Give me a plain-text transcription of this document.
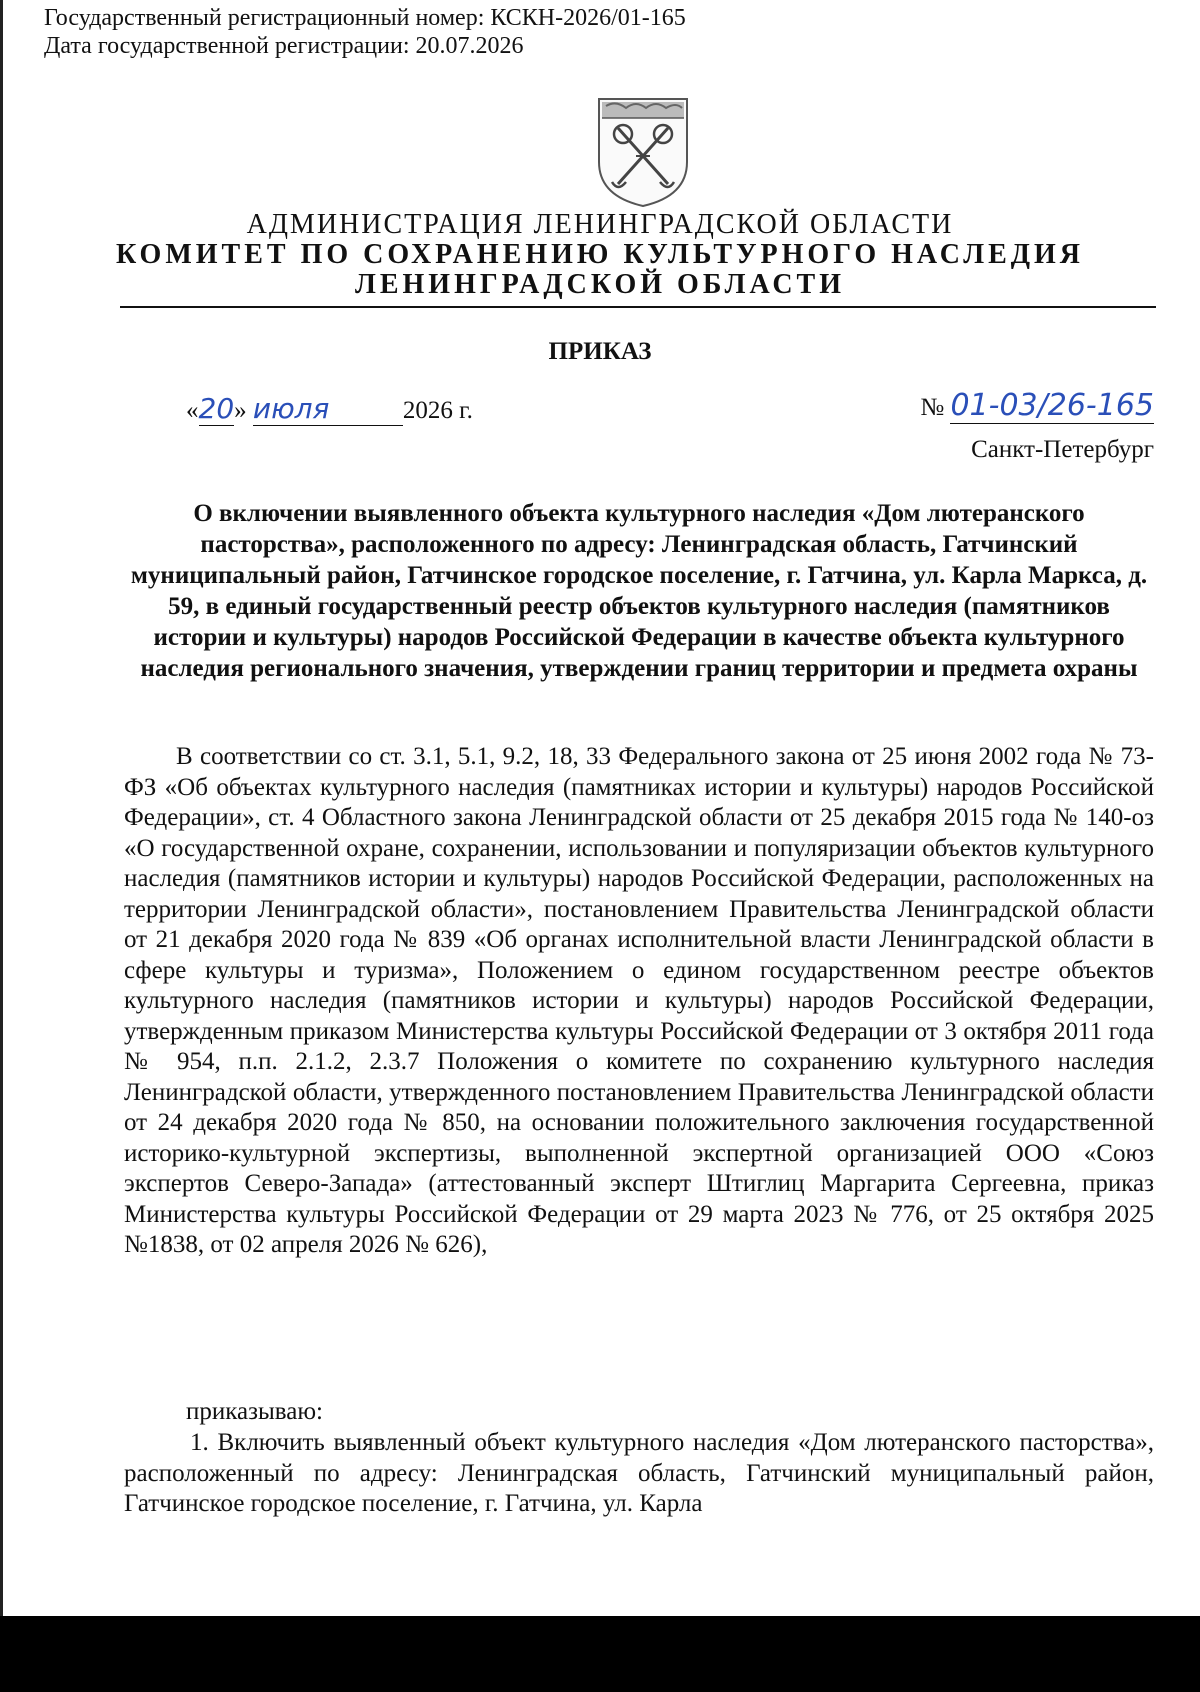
Государственный регистрационный номер: КСКН-2026/01-165
Дата государственной регистрации: 20.07.2026
АДМИНИСТРАЦИЯ ЛЕНИНГРАДСКОЙ ОБЛАСТИ
КОМИТЕТ ПО СОХРАНЕНИЮ КУЛЬТУРНОГО НАСЛЕДИЯ
ЛЕНИНГРАДСКОЙ ОБЛАСТИ
ПРИКАЗ
«20» июля	2026 г.	№ 01-03/26-165
Санкт-Петербург
О включении выявленного объекта культурного наследия «Дом лютеранского пасторства», расположенного по адресу: Ленинградская область, Гатчинский муниципальный район, Гатчинское городское поселение, г. Гатчина, ул. Карла Маркса, д. 59, в единый государственный реестр объектов культурного наследия (памятников истории и культуры) народов Российской Федерации в качестве объекта культурного наследия регионального значения, утверждении границ территории и предмета охраны
В соответствии со ст. 3.1, 5.1, 9.2, 18, 33 Федерального закона от 25 июня 2002 года № 73-ФЗ «Об объектах культурного наследия (памятниках истории и культуры) народов Российской Федерации», ст. 4 Областного закона Ленинградской области от 25 декабря 2015 года № 140-оз «О государственной охране, сохранении, использовании и популяризации объектов культурного наследия (памятников истории и культуры) народов Российской Федерации, расположенных на территории Ленинградской области», постановлением Правительства Ленинградской области от 21 декабря 2020 года № 839 «Об органах исполнительной власти Ленинградской области в сфере культуры и туризма», Положением о едином государственном реестре объектов культурного наследия (памятников истории и культуры) народов Российской Федерации, утвержденным приказом Министерства культуры Российской Федерации от 3 октября 2011 года № 954, п.п. 2.1.2, 2.3.7 Положения о комитете по сохранению культурного наследия Ленинградской области, утвержденного постановлением Правительства Ленинградской области от 24 декабря 2020 года № 850, на основании положительного заключения государственной историко-культурной экспертизы, выполненной экспертной организацией ООО «Союз экспертов Северо-Запада» (аттестованный эксперт Штиглиц Маргарита Сергеевна, приказ Министерства культуры Российской Федерации от 29 марта 2023 № 776, от 25 октября 2025 №1838, от 02 апреля 2026 № 626),
приказываю:
1. Включить выявленный объект культурного наследия «Дом лютеранского пасторства», расположенный по адресу: Ленинградская область, Гатчинский муниципальный район, Гатчинское городское поселение, г. Гатчина, ул. Карла
